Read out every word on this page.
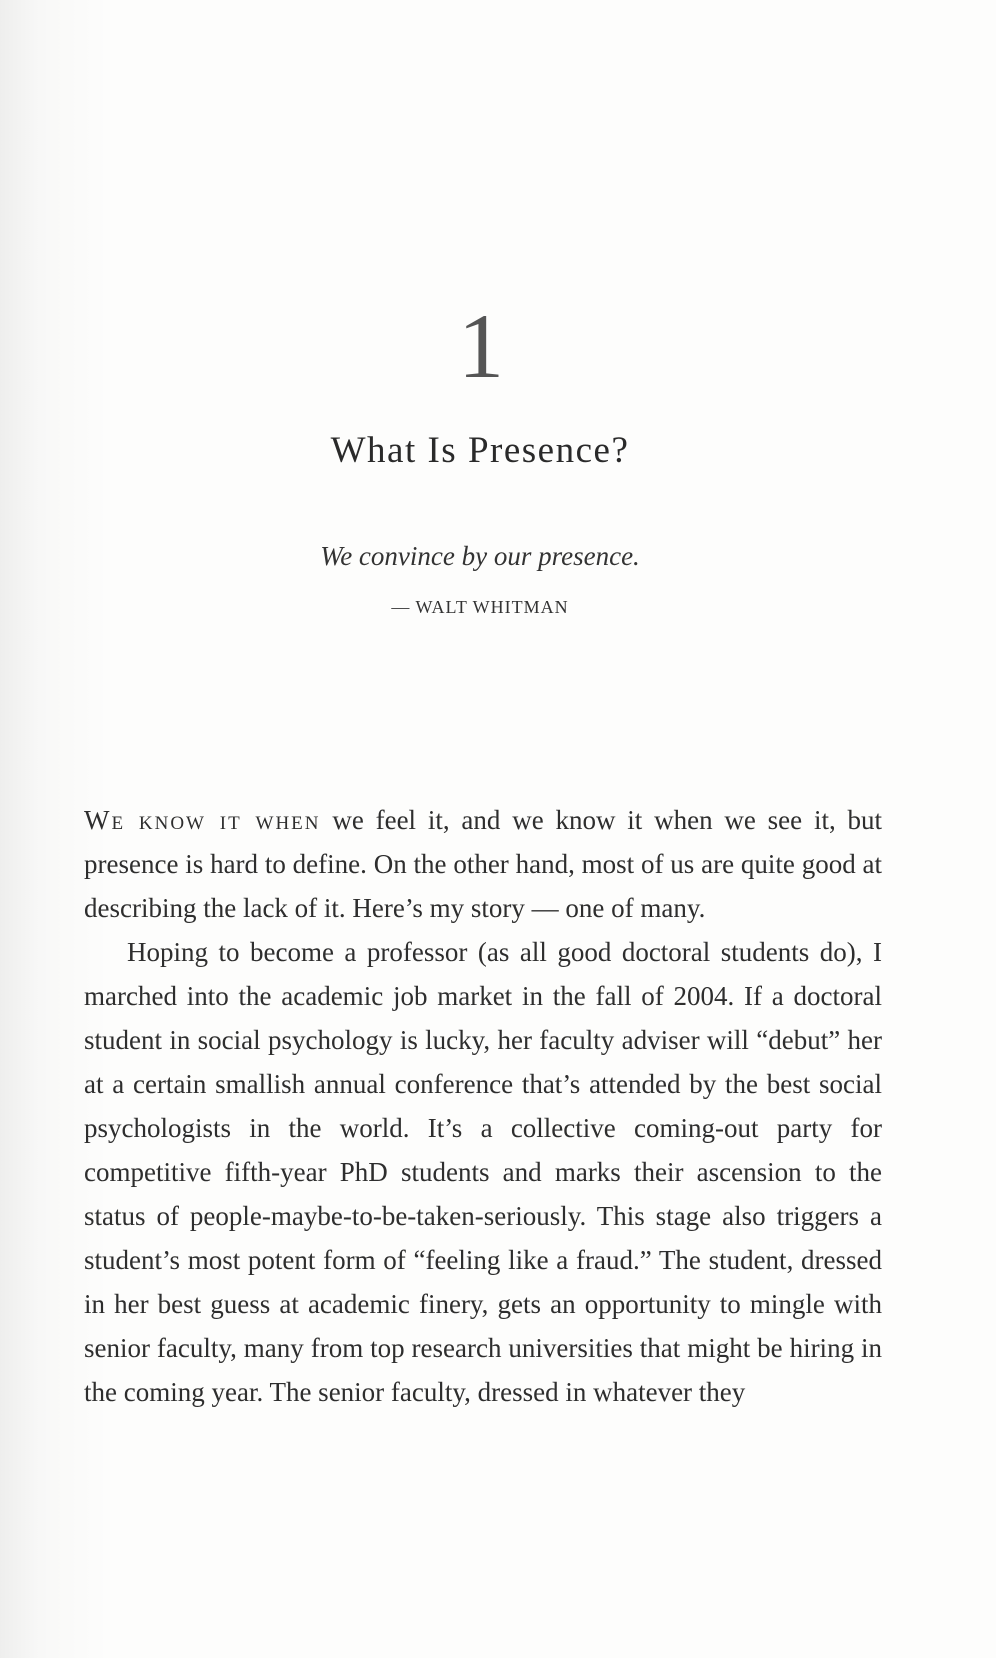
1
What Is Presence?
We convince by our presence.
— WALT WHITMAN

We know it when we feel it, and we know it when we see it, but presence is hard to define. On the other hand, most of us are quite good at describing the lack of it. Here’s my story — one of many.

Hoping to become a professor (as all good doctoral students do), I marched into the academic job market in the fall of 2004. If a doctoral student in social psychology is lucky, her faculty adviser will “debut” her at a certain smallish annual conference that’s attended by the best social psychologists in the world. It’s a collective coming-out party for competitive fifth-year PhD students and marks their ascension to the status of people-maybe-to-be-taken-seriously. This stage also triggers a student’s most potent form of “feeling like a fraud.” The student, dressed in her best guess at academic finery, gets an opportunity to mingle with senior faculty, many from top research universities that might be hiring in the coming year. The senior faculty, dressed in whatever they
